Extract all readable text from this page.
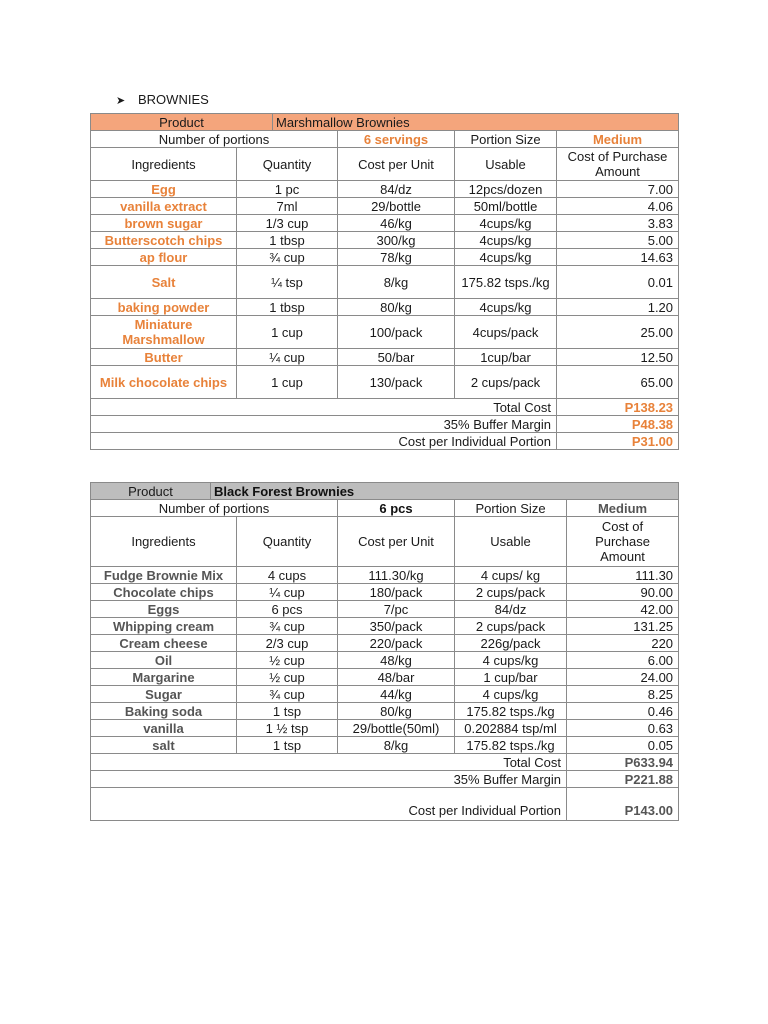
➤ BROWNIES
Product		Marshmallow Brownies			
Number of portions			6 servings	Portion Size	Medium
Ingredients	Quantity		Cost per Unit	Usable	Cost of Purchase Amount
Egg	1 pc		84/dz	12pcs/dozen	7.00
vanilla extract	7ml		29/bottle	50ml/bottle	4.06
brown sugar	1/3 cup		46/kg	4cups/kg	3.83
Butterscotch chips	1 tbsp		300/kg	4cups/kg	5.00
ap flour	¾ cup		78/kg	4cups/kg	14.63
Salt	¼ tsp		8/kg	175.82 tsps./kg	0.01
baking powder	1 tbsp		80/kg	4cups/kg	1.20
Miniature Marshmallow	1 cup		100/pack	4cups/pack	25.00
Butter	¼ cup		50/bar	1cup/bar	12.50
Milk chocolate chips	1 cup		130/pack	2 cups/pack	65.00
Total Cost					P138.23
35% Buffer Margin					P48.38
Cost per Individual Portion					P31.00
Product	Black Forest Brownies				
Number of portions			6 pcs	Portion Size	Medium
Ingredients		Quantity	Cost per Unit	Usable	Cost of Purchase Amount
Fudge Brownie Mix		4 cups	111.30/kg	4 cups/ kg	111.30
Chocolate chips		¼ cup	180/pack	2 cups/pack	90.00
Eggs		6 pcs	7/pc	84/dz	42.00
Whipping cream		¾ cup	350/pack	2 cups/pack	131.25
Cream cheese		2/3 cup	220/pack	226g/pack	220
Oil		½ cup	48/kg	4 cups/kg	6.00
Margarine		½ cup	48/bar	1 cup/bar	24.00
Sugar		¾ cup	44/kg	4 cups/kg	8.25
Baking soda		1 tsp	80/kg	175.82 tsps./kg	0.46
vanilla		1 ½ tsp	29/bottle(50ml)	0.202884 tsp/ml	0.63
salt		1 tsp	8/kg	175.82 tsps./kg	0.05
Total Cost					P633.94
35% Buffer Margin					P221.88
Cost per Individual Portion					P143.00
